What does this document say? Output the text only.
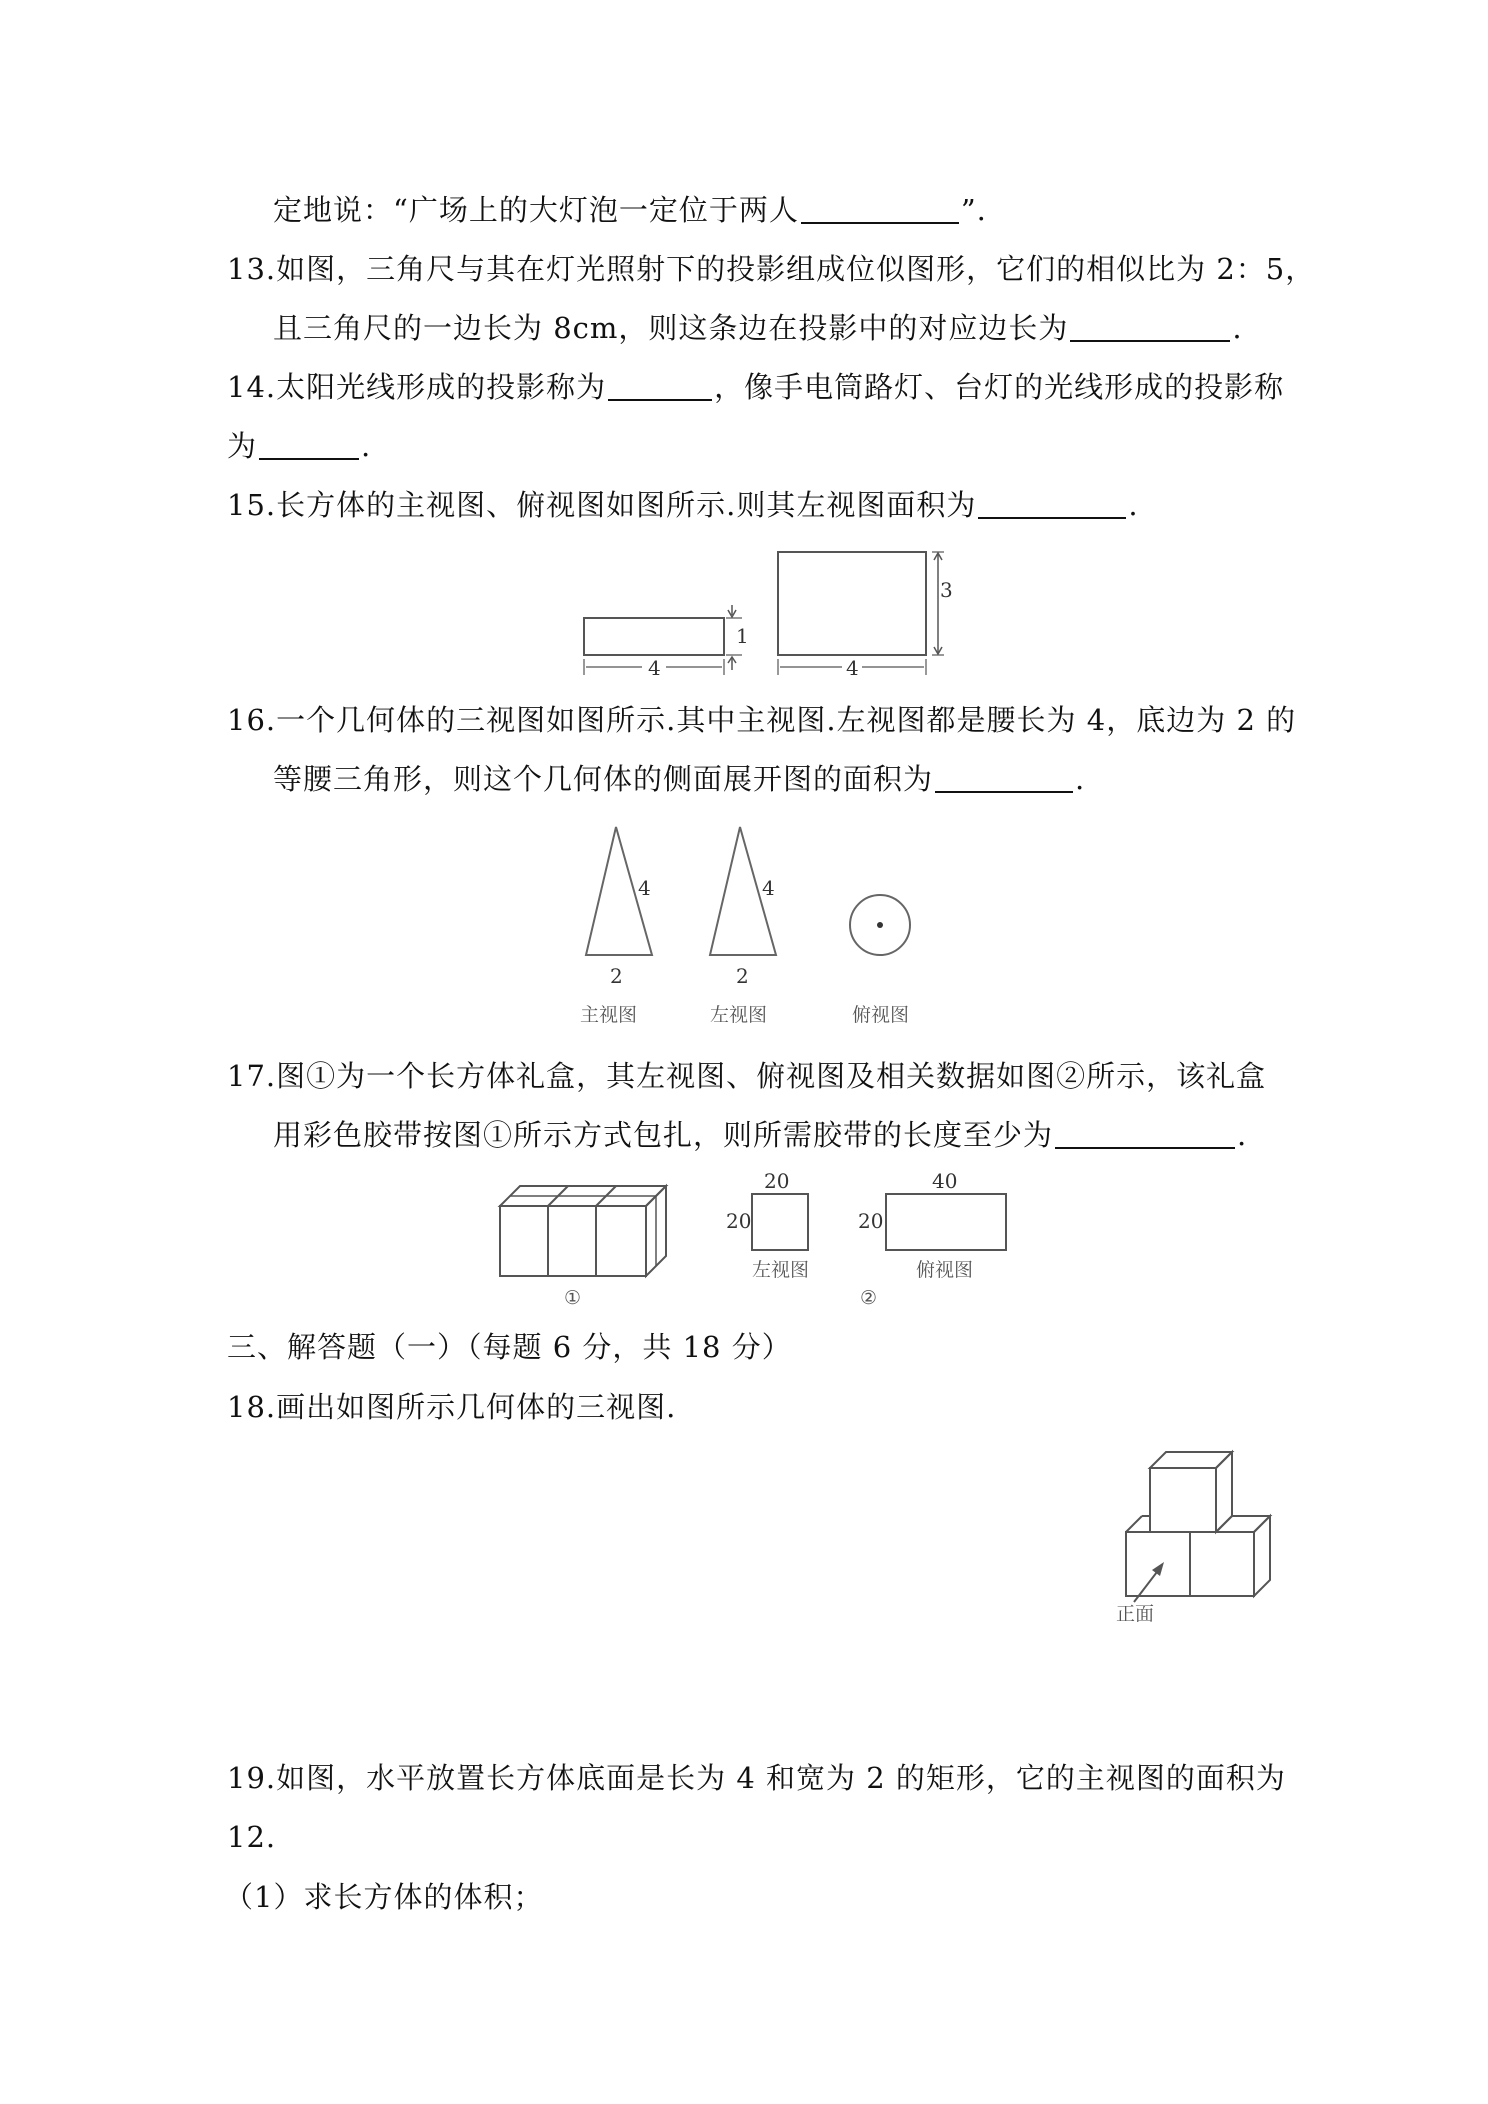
定地说：“广场上的大灯泡一定位于两人	”.
13.如图，三角尺与其在灯光照射下的投影组成位似图形，它们的相似比为 2：5，
且三角尺的一边长为 8cm，则这条边在投影中的对应边长为	.
14.太阳光线形成的投影称为	，像手电筒路灯、台灯的光线形成的投影称
为	.
15.长方体的主视图、俯视图如图所示.则其左视图面积为	.
1
4
3
4
16.一个几何体的三视图如图所示.其中主视图.左视图都是腰长为 4，底边为 2 的
等腰三角形，则这个几何体的侧面展开图的面积为	.
4
2
主视图
4
2
左视图	俯视图
17.图①为一个长方体礼盒，其左视图、俯视图及相关数据如图②所示，该礼盒
用彩色胶带按图①所示方式包扎，则所需胶带的长度至少为	.
①
20
20
左视图
40
20
俯视图
②
三、解答题（一）（每题 6 分，共 18 分）
18.画出如图所示几何体的三视图.
正面
19.如图，水平放置长方体底面是长为 4 和宽为 2 的矩形，它的主视图的面积为
12.
（1）求长方体的体积；
